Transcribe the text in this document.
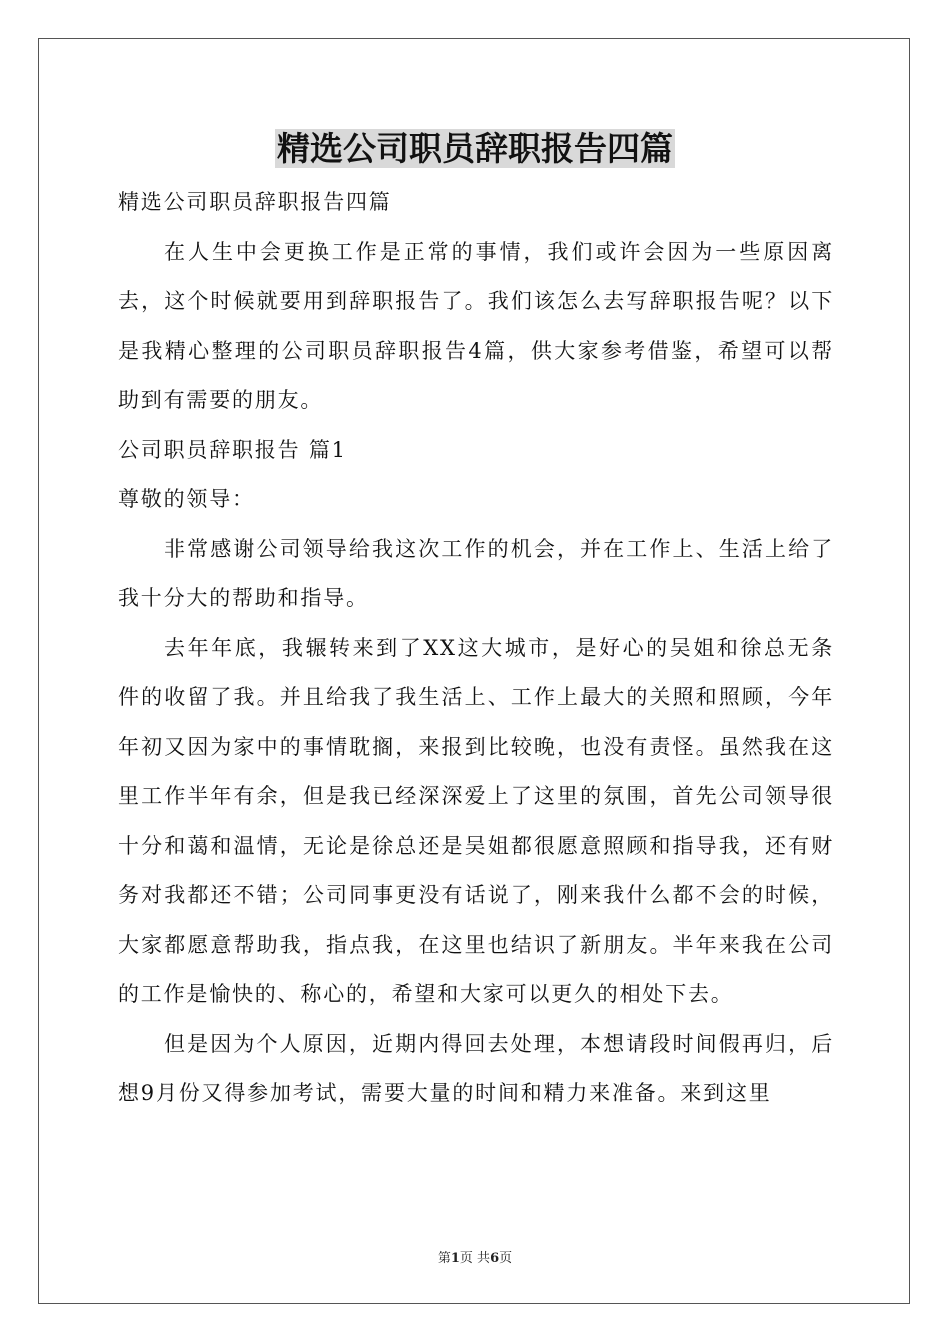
精选公司职员辞职报告四篇

精选公司职员辞职报告四篇

在人生中会更换工作是正常的事情，我们或许会因为一些原因离去，这个时候就要用到辞职报告了。我们该怎么去写辞职报告呢？以下是我精心整理的公司职员辞职报告4篇，供大家参考借鉴，希望可以帮助到有需要的朋友。

公司职员辞职报告 篇1

尊敬的领导：

非常感谢公司领导给我这次工作的机会，并在工作上、生活上给了我十分大的帮助和指导。

去年年底，我辗转来到了XX这大城市，是好心的吴姐和徐总无条件的收留了我。并且给我了我生活上、工作上最大的关照和照顾，今年年初又因为家中的事情耽搁，来报到比较晚，也没有责怪。虽然我在这里工作半年有余，但是我已经深深爱上了这里的氛围，首先公司领导很十分和蔼和温情，无论是徐总还是吴姐都很愿意照顾和指导我，还有财务对我都还不错；公司同事更没有话说了，刚来我什么都不会的时候，大家都愿意帮助我，指点我，在这里也结识了新朋友。半年来我在公司的工作是愉快的、称心的，希望和大家可以更久的相处下去。

但是因为个人原因，近期内得回去处理，本想请段时间假再归，后想9月份又得参加考试，需要大量的时间和精力来准备。来到这里

第1页 共6页
